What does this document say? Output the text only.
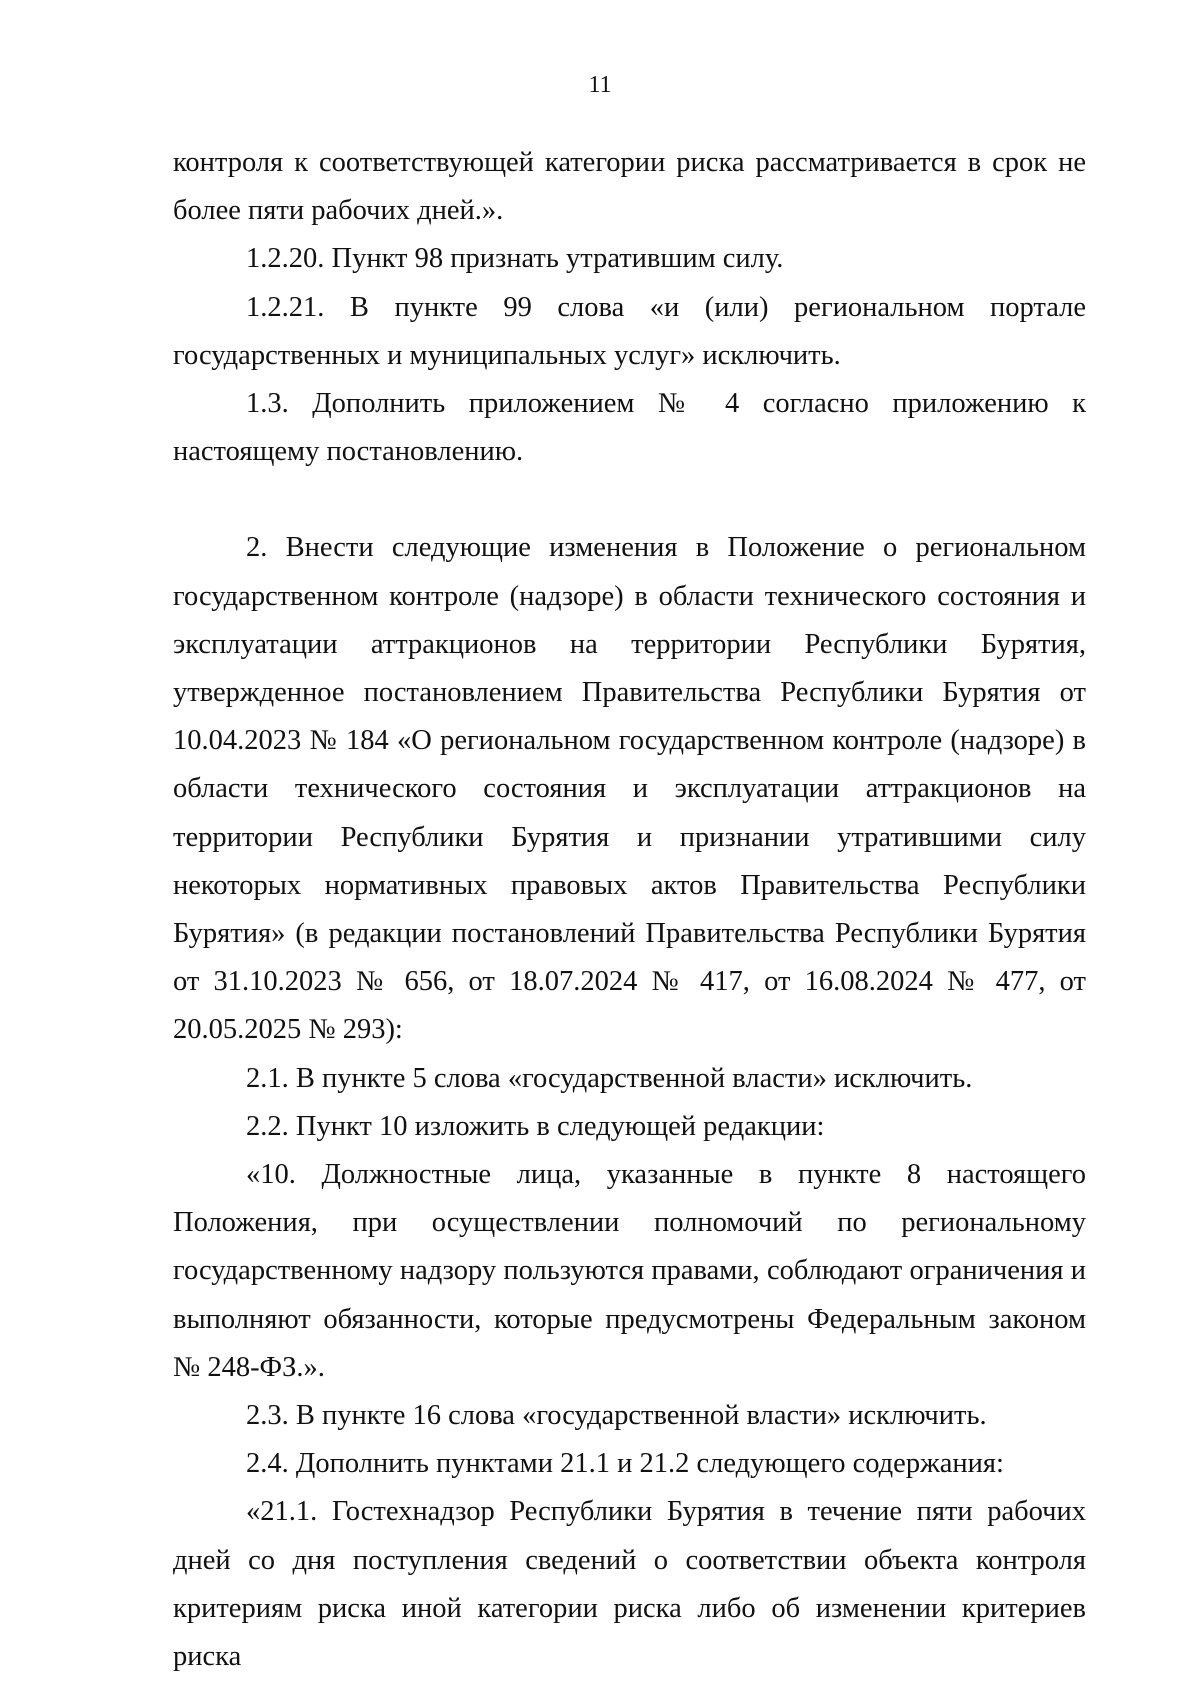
11

контроля к соответствующей категории риска рассматривается в срок не более пяти рабочих дней.».

1.2.20. Пункт 98 признать утратившим силу.

1.2.21. В пункте 99 слова «и (или) региональном портале государственных и муниципальных услуг» исключить.

1.3. Дополнить приложением № 4 согласно приложению к настоящему постановлению.

2. Внести следующие изменения в Положение о региональном государственном контроле (надзоре) в области технического состояния и эксплуатации аттракционов на территории Республики Бурятия, утвержденное постановлением Правительства Республики Бурятия от 10.04.2023 № 184 «О региональном государственном контроле (надзоре) в области технического состояния и эксплуатации аттракционов на территории Республики Бурятия и признании утратившими силу некоторых нормативных правовых актов Правительства Республики Бурятия» (в редакции постановлений Правительства Республики Бурятия от 31.10.2023 № 656, от 18.07.2024 № 417, от 16.08.2024 № 477, от 20.05.2025 № 293):

2.1. В пункте 5 слова «государственной власти» исключить.

2.2. Пункт 10 изложить в следующей редакции:

«10. Должностные лица, указанные в пункте 8 настоящего Положения, при осуществлении полномочий по региональному государственному надзору пользуются правами, соблюдают ограничения и выполняют обязанности, которые предусмотрены Федеральным законом № 248-ФЗ.».

2.3. В пункте 16 слова «государственной власти» исключить.

2.4. Дополнить пунктами 21.1 и 21.2 следующего содержания:

«21.1. Гостехнадзор Республики Бурятия в течение пяти рабочих дней со дня поступления сведений о соответствии объекта контроля критериям риска иной категории риска либо об изменении критериев риска
